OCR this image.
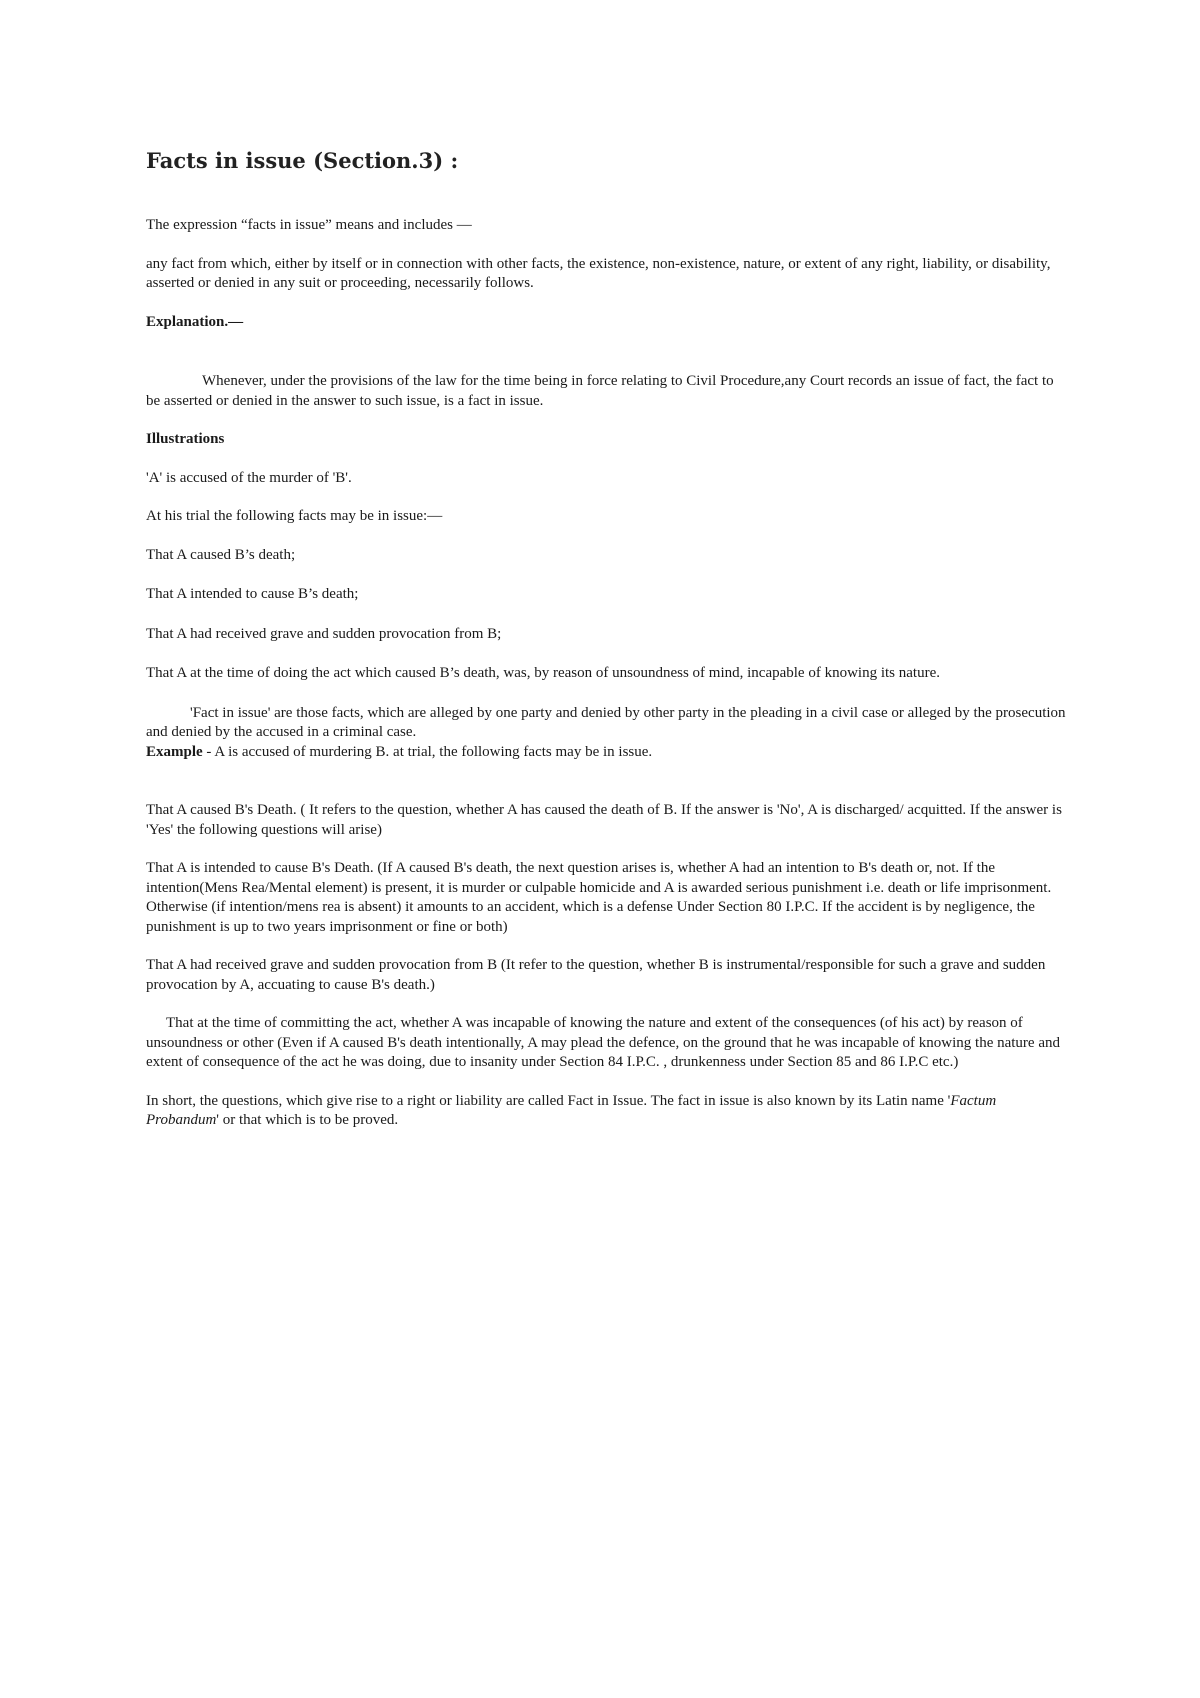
Facts in issue (Section.3) :

The expression “facts in issue” means and includes —

any fact from which, either by itself or in connection with other facts, the existence, non-existence, nature, or extent of any right, liability, or disability, asserted or denied in any suit or proceeding, necessarily follows.

Explanation.—

Whenever, under the provisions of the law for the time being in force relating to Civil Procedure,any Court records an issue of fact, the fact to be asserted or denied in the answer to such issue, is a fact in issue.

Illustrations

'A' is accused of the murder of 'B'.

At his trial the following facts may be in issue:—

That A caused B’s death;

That A intended to cause B’s death;

That A had received grave and sudden provocation from B;

That A at the time of doing the act which caused B’s death, was, by reason of unsoundness of mind, incapable of knowing its nature.

'Fact in issue' are those facts, which are alleged by one party and denied by other party in the pleading in a civil case or alleged by the prosecution and denied by the accused in a criminal case.

Example - A is accused of murdering B. at trial, the following facts may be in issue.

That A caused B's Death. ( It refers to the question, whether A has caused the death of B. If the answer is 'No', A is discharged/ acquitted. If the answer is 'Yes' the following questions will arise)

That A is intended to cause B's Death. (If A caused B's death, the next question arises is, whether A had an intention to B's death or, not. If the intention(Mens Rea/Mental element) is present, it is murder or culpable homicide and A is awarded serious punishment i.e. death or life imprisonment. Otherwise (if intention/mens rea is absent) it amounts to an accident, which is a defense Under Section 80 I.P.C. If the accident is by negligence, the punishment is up to two years imprisonment or fine or both)

That A had received grave and sudden provocation from B (It refer to the question, whether B is instrumental/responsible for such a grave and sudden provocation by A, accuating to cause B's death.)

That at the time of committing the act, whether A was incapable of knowing the nature and extent of the consequences (of his act) by reason of unsoundness or other (Even if A caused B's death intentionally, A may plead the defence, on the ground that he was incapable of knowing the nature and extent of consequence of the act he was doing, due to insanity under Section 84 I.P.C. , drunkenness under Section 85 and 86 I.P.C etc.)

In short, the questions, which give rise to a right or liability are called Fact in Issue. The fact in issue is also known by its Latin name 'Factum Probandum' or that which is to be proved.
